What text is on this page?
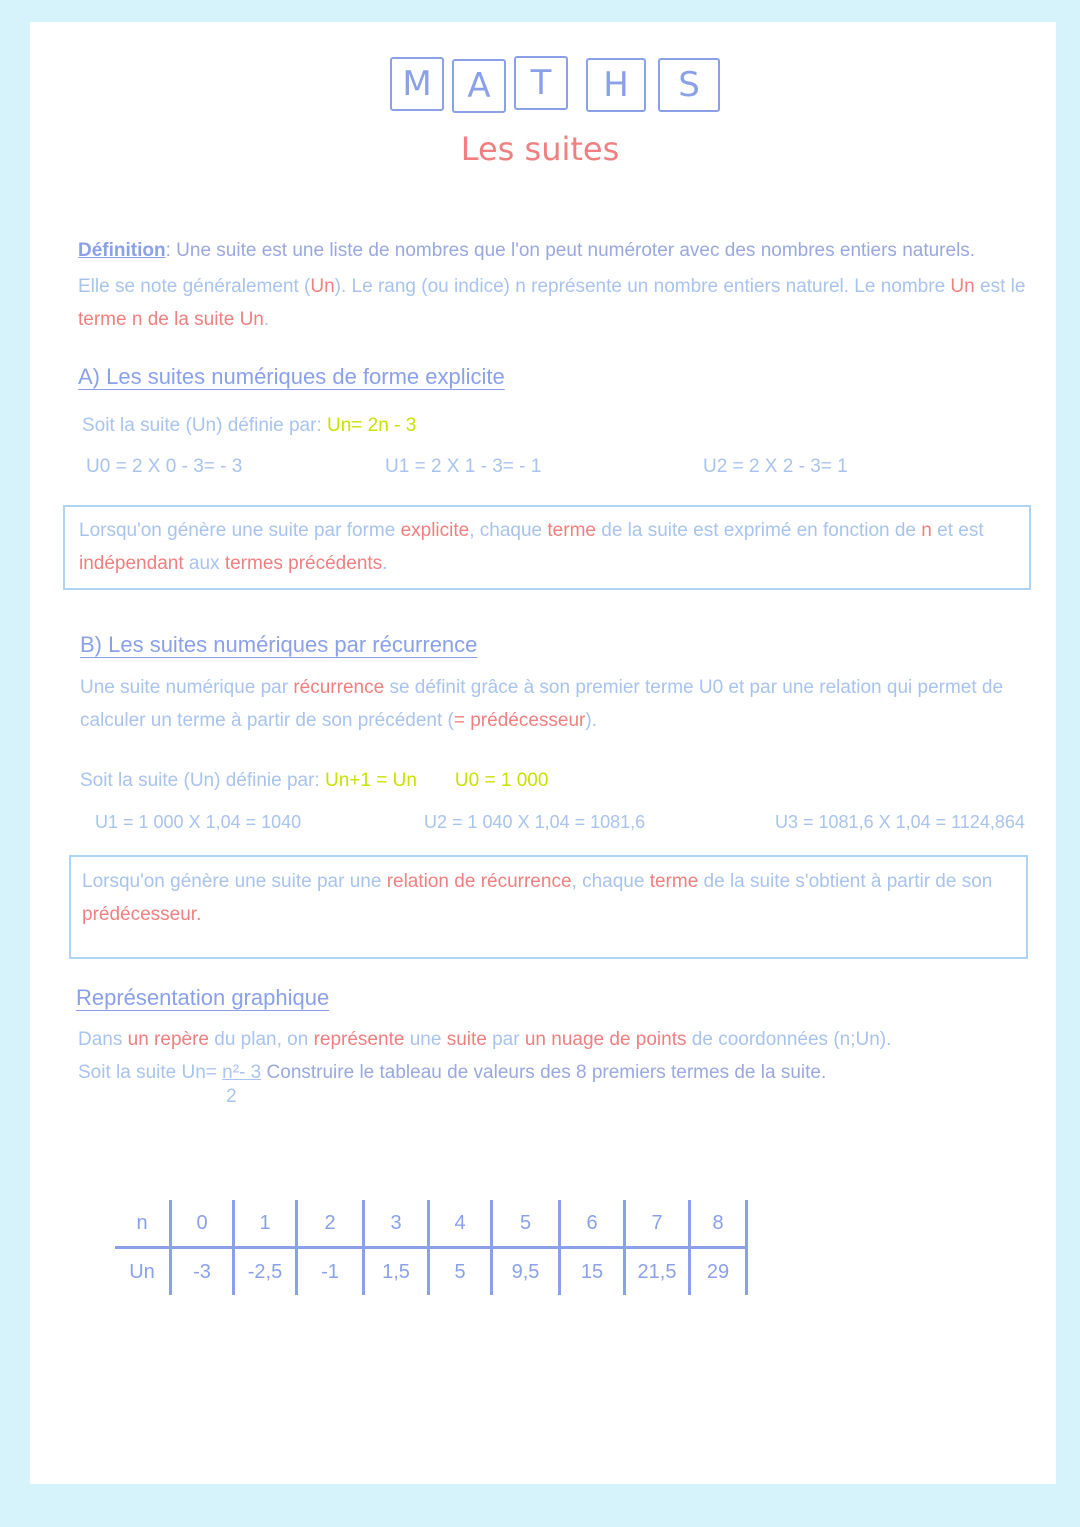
M	A	T	H	S
Les suites
Définition: Une suite est une liste de nombres que l'on peut numéroter avec des nombres entiers naturels.
Elle se note généralement (Un). Le rang (ou indice) n représente un nombre entiers naturel. Le nombre Un est le
terme n de la suite Un.
A) Les suites numériques de forme explicite
Soit la suite (Un) définie par: Un= 2n - 3
U0 = 2 X 0 - 3= - 3	U1 = 2 X 1 - 3= - 1	U2 = 2 X 2 - 3= 1
Lorsqu'on génère une suite par forme explicite, chaque terme de la suite est exprimé en fonction de n et est
indépendant aux termes précédents.
B) Les suites numériques par récurrence
Une suite numérique par récurrence se définit grâce à son premier terme U0 et par une relation qui permet de
calculer un terme à partir de son précédent (= prédécesseur).
Soit la suite (Un) définie par: Un+1 = Un U0 = 1 000
U1 = 1 000 X 1,04 = 1040	U2 = 1 040 X 1,04 = 1081,6	U3 = 1081,6 X 1,04 = 1124,864
Lorsqu'on génère une suite par une relation de récurrence, chaque terme de la suite s'obtient à partir de son
prédécesseur.
Représentation graphique
Dans un repère du plan, on représente une suite par un nuage de points de coordonnées (n;Un).
Soit la suite $Un= \frac{\text{n²- 3}}{2}$ Construire le tableau de valeurs des 8 premiers termes de la suite.
n	0	1	2	3	4	5	6	7	8
Un	-3	-2,5	-1	1,5	5	9,5	15	21,5	29
